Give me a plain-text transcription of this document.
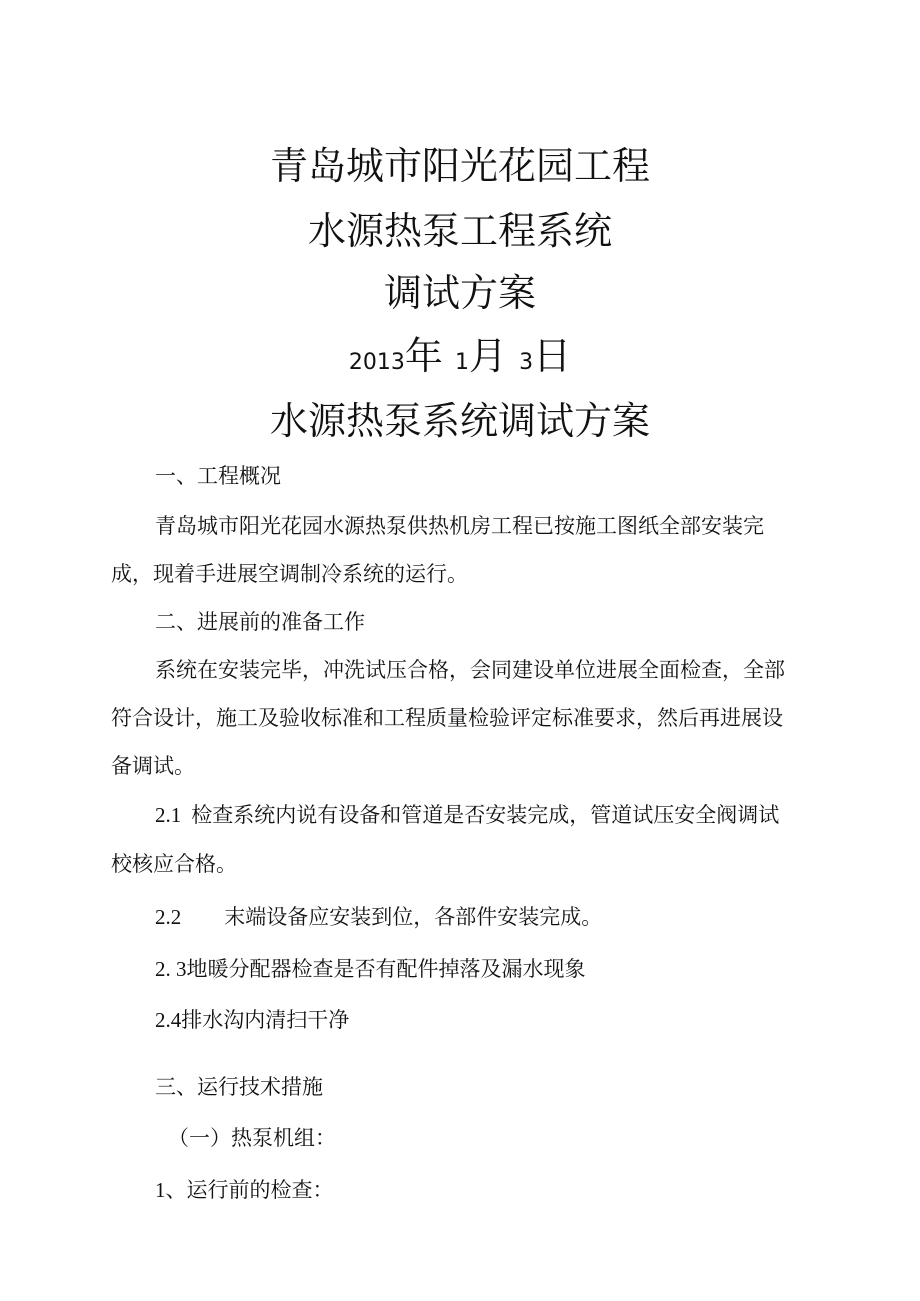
青岛城市阳光花园工程
水源热泵工程系统
调试方案
2013年 1月 3日
水源热泵系统调试方案
一、工程概况
青岛城市阳光花园水源热泵供热机房工程已按施工图纸全部安装完
成，现着手进展空调制冷系统的运行。
二、进展前的准备工作
系统在安装完毕，冲洗试压合格，会同建设单位进展全面检查，全部
符合设计，施工及验收标准和工程质量检验评定标准要求，然后再进展设
备调试。
2.1 检查系统内说有设备和管道是否安装完成，管道试压安全阀调试
校核应合格。
2.2 末端设备应安装到位，各部件安装完成。
2. 3地暖分配器检查是否有配件掉落及漏水现象
2.4排水沟内清扫干净
三、运行技术措施
（一）热泵机组：
1、运行前的检查：
